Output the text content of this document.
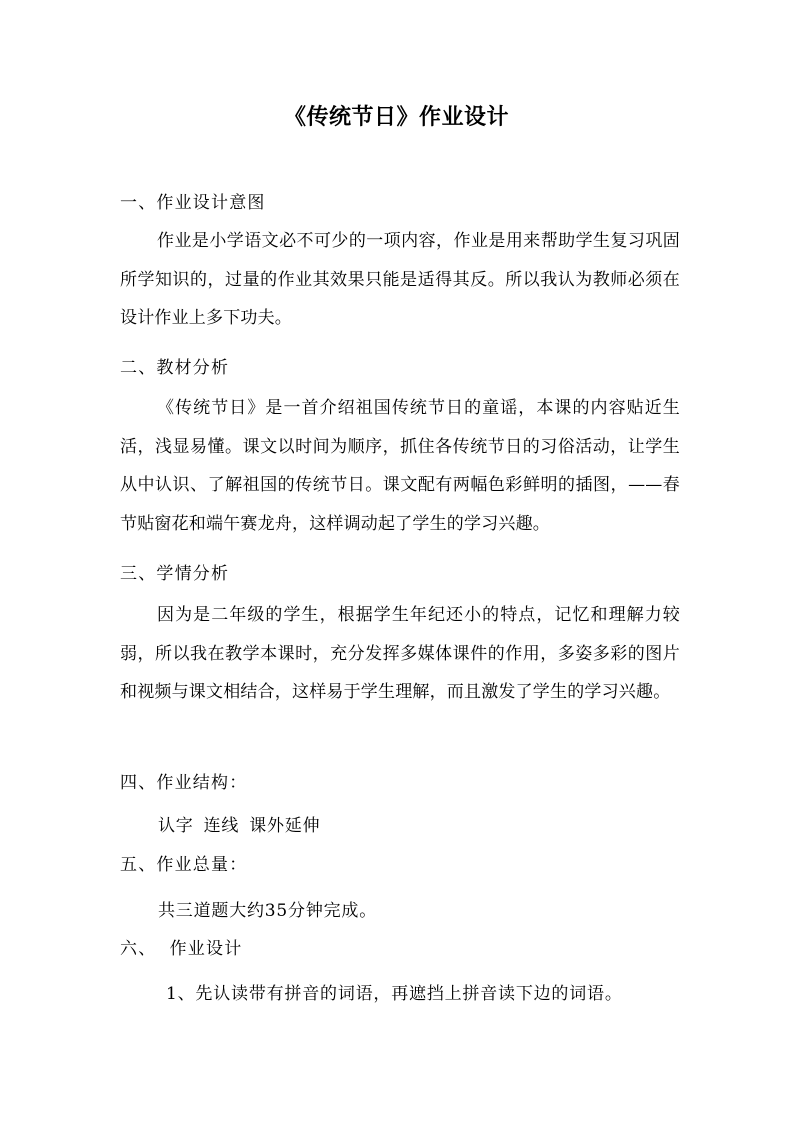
《传统节日》作业设计
一、作业设计意图
作业是小学语文必不可少的一项内容，作业是用来帮助学生复习巩固所学知识的，过量的作业其效果只能是适得其反。所以我认为教师必须在设计作业上多下功夫。
二、教材分析
《传统节日》是一首介绍祖国传统节日的童谣，本课的内容贴近生活，浅显易懂。课文以时间为顺序，抓住各传统节日的习俗活动，让学生从中认识、了解祖国的传统节日。课文配有两幅色彩鲜明的插图，——春节贴窗花和端午赛龙舟，这样调动起了学生的学习兴趣。
三、学情分析
因为是二年级的学生，根据学生年纪还小的特点，记忆和理解力较弱，所以我在教学本课时，充分发挥多媒体课件的作用，多姿多彩的图片和视频与课文相结合，这样易于学生理解，而且激发了学生的学习兴趣。
四、作业结构：
认字 连线 课外延伸
五、作业总量：
共三道题大约35分钟完成。
六、  作业设计
1、先认读带有拼音的词语，再遮挡上拼音读下边的词语。
